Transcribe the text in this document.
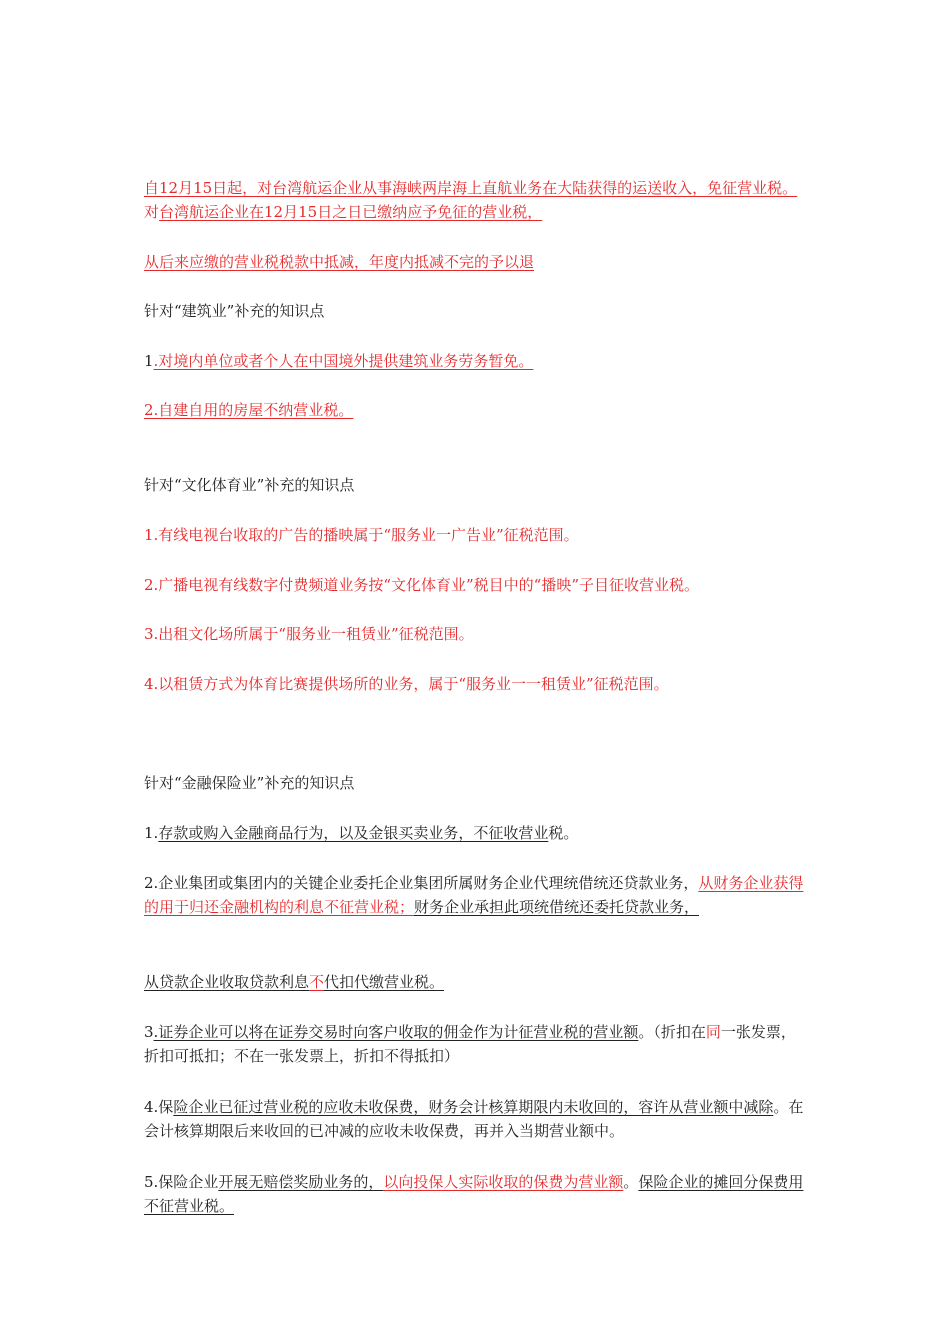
自12月15日起，对台湾航运企业从事海峡两岸海上直航业务在大陆获得的运送收入，免征营业税。对台湾航运企业在12月15日之日已缴纳应予免征的营业税，

从后来应缴的营业税税款中抵减，年度内抵减不完的予以退

针对“建筑业”补充的知识点

1.对境内单位或者个人在中国境外提供建筑业务劳务暂免。

2.自建自用的房屋不纳营业税。

针对“文化体育业”补充的知识点

1.有线电视台收取的广告的播映属于“服务业一广告业”征税范围。

2.广播电视有线数字付费频道业务按“文化体育业”税目中的“播映”子目征收营业税。

3.出租文化场所属于“服务业一租赁业”征税范围。

4.以租赁方式为体育比赛提供场所的业务，属于“服务业一一租赁业”征税范围。

针对“金融保险业”补充的知识点

1.存款或购入金融商品行为，以及金银买卖业务，不征收营业税。

2.企业集团或集团内的关键企业委托企业集团所属财务企业代理统借统还贷款业务，从财务企业获得的用于归还金融机构的利息不征营业税；财务企业承担此项统借统还委托贷款业务，

从贷款企业收取贷款利息不代扣代缴营业税。

3.证券企业可以将在证券交易时向客户收取的佣金作为计征营业税的营业额。（折扣在同一张发票，折扣可抵扣；不在一张发票上，折扣不得抵扣）

4.保险企业已征过营业税的应收未收保费，财务会计核算期限内未收回的，容许从营业额中减除。在会计核算期限后来收回的已冲减的应收未收保费，再并入当期营业额中。

5.保险企业开展无赔偿奖励业务的，以向投保人实际收取的保费为营业额。保险企业的摊回分保费用不征营业税。
